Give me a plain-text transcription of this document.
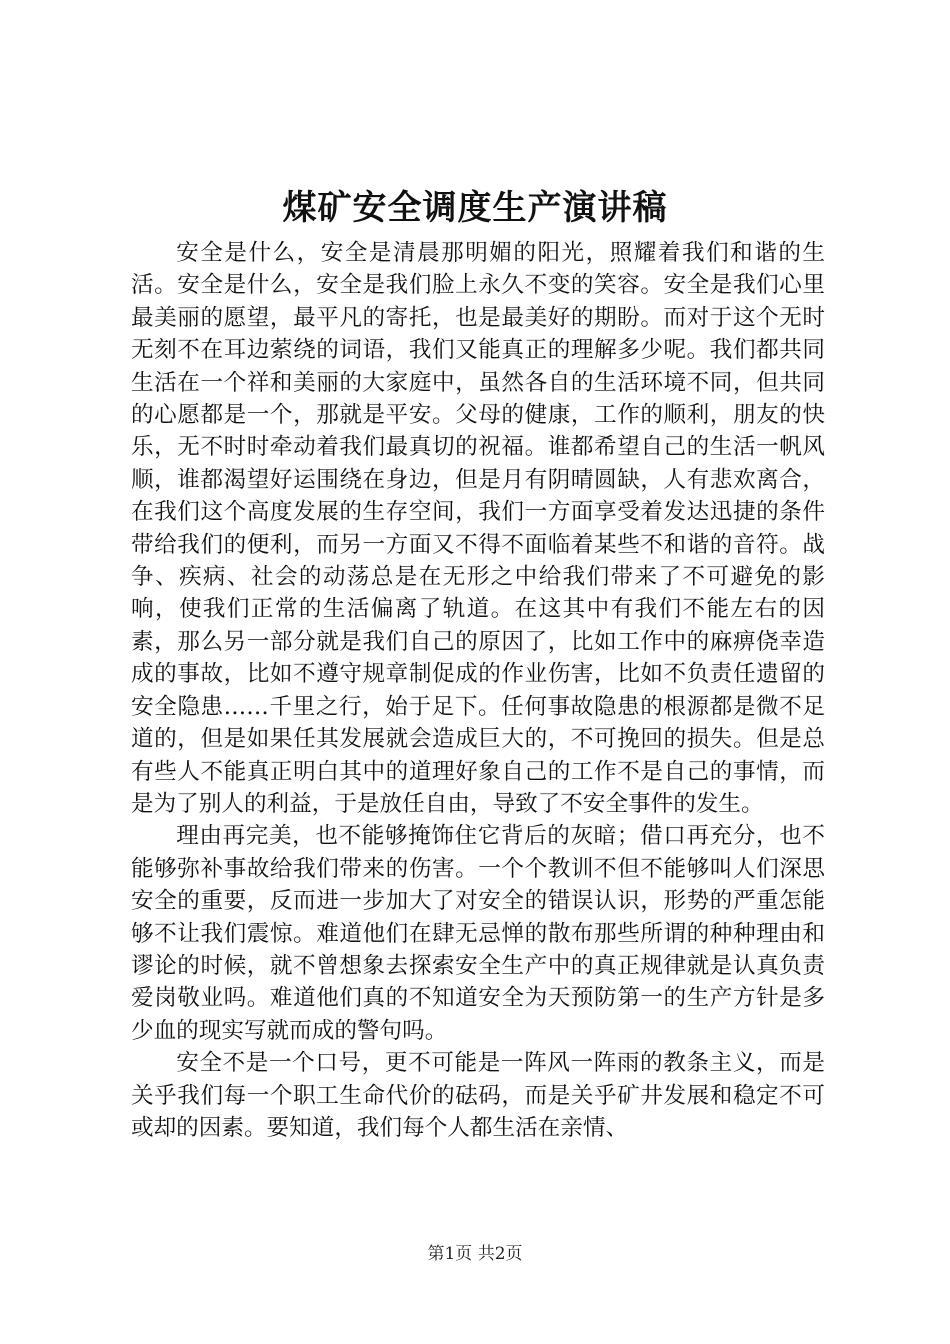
煤矿安全调度生产演讲稿

安全是什么，安全是清晨那明媚的阳光，照耀着我们和谐的生活。安全是什么，安全是我们脸上永久不变的笑容。安全是我们心里最美丽的愿望，最平凡的寄托，也是最美好的期盼。而对于这个无时无刻不在耳边萦绕的词语，我们又能真正的理解多少呢。我们都共同生活在一个祥和美丽的大家庭中，虽然各自的生活环境不同，但共同的心愿都是一个，那就是平安。父母的健康，工作的顺利，朋友的快乐，无不时时牵动着我们最真切的祝福。谁都希望自己的生活一帆风顺，谁都渴望好运围绕在身边，但是月有阴晴圆缺，人有悲欢离合，在我们这个高度发展的生存空间，我们一方面享受着发达迅捷的条件带给我们的便利，而另一方面又不得不面临着某些不和谐的音符。战争、疾病、社会的动荡总是在无形之中给我们带来了不可避免的影响，使我们正常的生活偏离了轨道。在这其中有我们不能左右的因素，那么另一部分就是我们自己的原因了，比如工作中的麻痹侥幸造成的事故，比如不遵守规章制促成的作业伤害，比如不负责任遗留的安全隐患……千里之行，始于足下。任何事故隐患的根源都是微不足道的，但是如果任其发展就会造成巨大的，不可挽回的损失。但是总有些人不能真正明白其中的道理好象自己的工作不是自己的事情，而是为了别人的利益，于是放任自由，导致了不安全事件的发生。

理由再完美，也不能够掩饰住它背后的灰暗；借口再充分，也不能够弥补事故给我们带来的伤害。一个个教训不但不能够叫人们深思安全的重要，反而进一步加大了对安全的错误认识，形势的严重怎能够不让我们震惊。难道他们在肆无忌惮的散布那些所谓的种种理由和谬论的时候，就不曾想象去探索安全生产中的真正规律就是认真负责爱岗敬业吗。难道他们真的不知道安全为天预防第一的生产方针是多少血的现实写就而成的警句吗。

安全不是一个口号，更不可能是一阵风一阵雨的教条主义，而是关乎我们每一个职工生命代价的砝码，而是关乎矿井发展和稳定不可或却的因素。要知道，我们每个人都生活在亲情、

第1页 共2页
